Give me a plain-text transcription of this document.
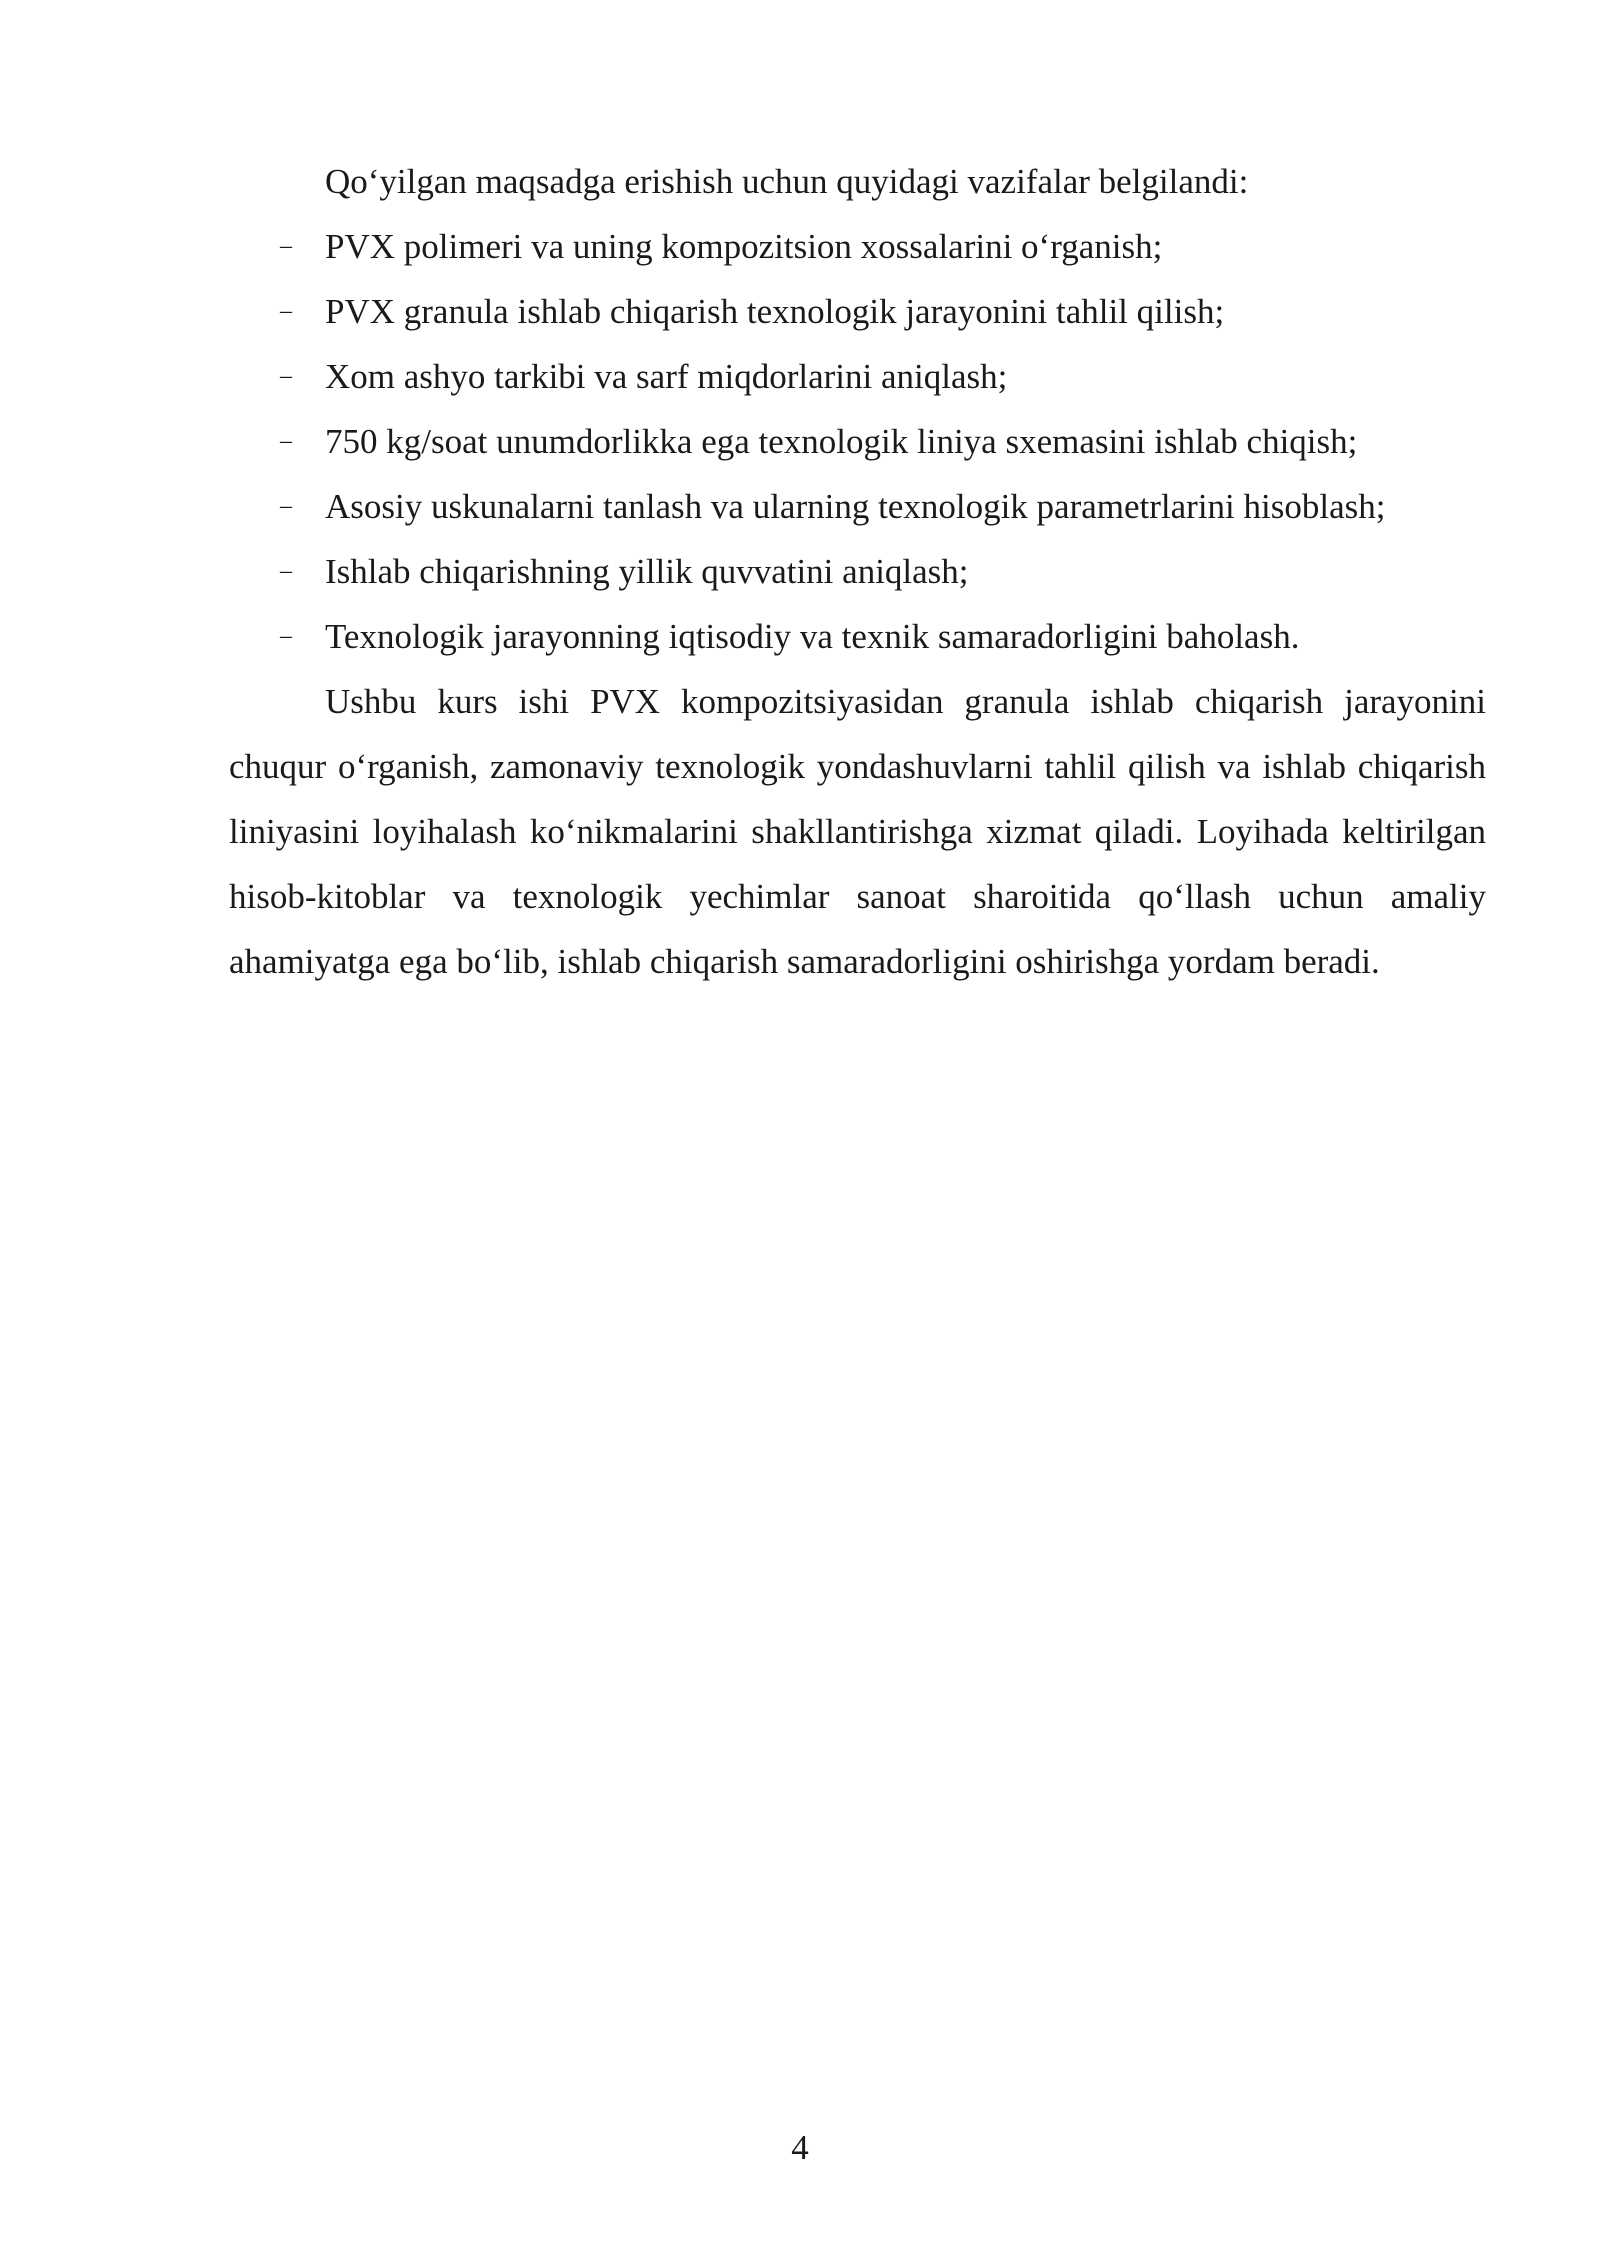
Qo‘yilgan maqsadga erishish uchun quyidagi vazifalar belgilandi:

– PVX polimeri va uning kompozitsion xossalarini o‘rganish;
– PVX granula ishlab chiqarish texnologik jarayonini tahlil qilish;
– Xom ashyo tarkibi va sarf miqdorlarini aniqlash;
– 750 kg/soat unumdorlikka ega texnologik liniya sxemasini ishlab chiqish;
– Asosiy uskunalarni tanlash va ularning texnologik parametrlarini hisoblash;
– Ishlab chiqarishning yillik quvvatini aniqlash;
– Texnologik jarayonning iqtisodiy va texnik samaradorligini baholash.

Ushbu kurs ishi PVX kompozitsiyasidan granula ishlab chiqarish jarayonini chuqur o‘rganish, zamonaviy texnologik yondashuvlarni tahlil qilish va ishlab chiqarish liniyasini loyihalash ko‘nikmalarini shakllantirishga xizmat qiladi. Loyihada keltirilgan hisob-kitoblar va texnologik yechimlar sanoat sharoitida qo‘llash uchun amaliy ahamiyatga ega bo‘lib, ishlab chiqarish samaradorligini oshirishga yordam beradi.

4
